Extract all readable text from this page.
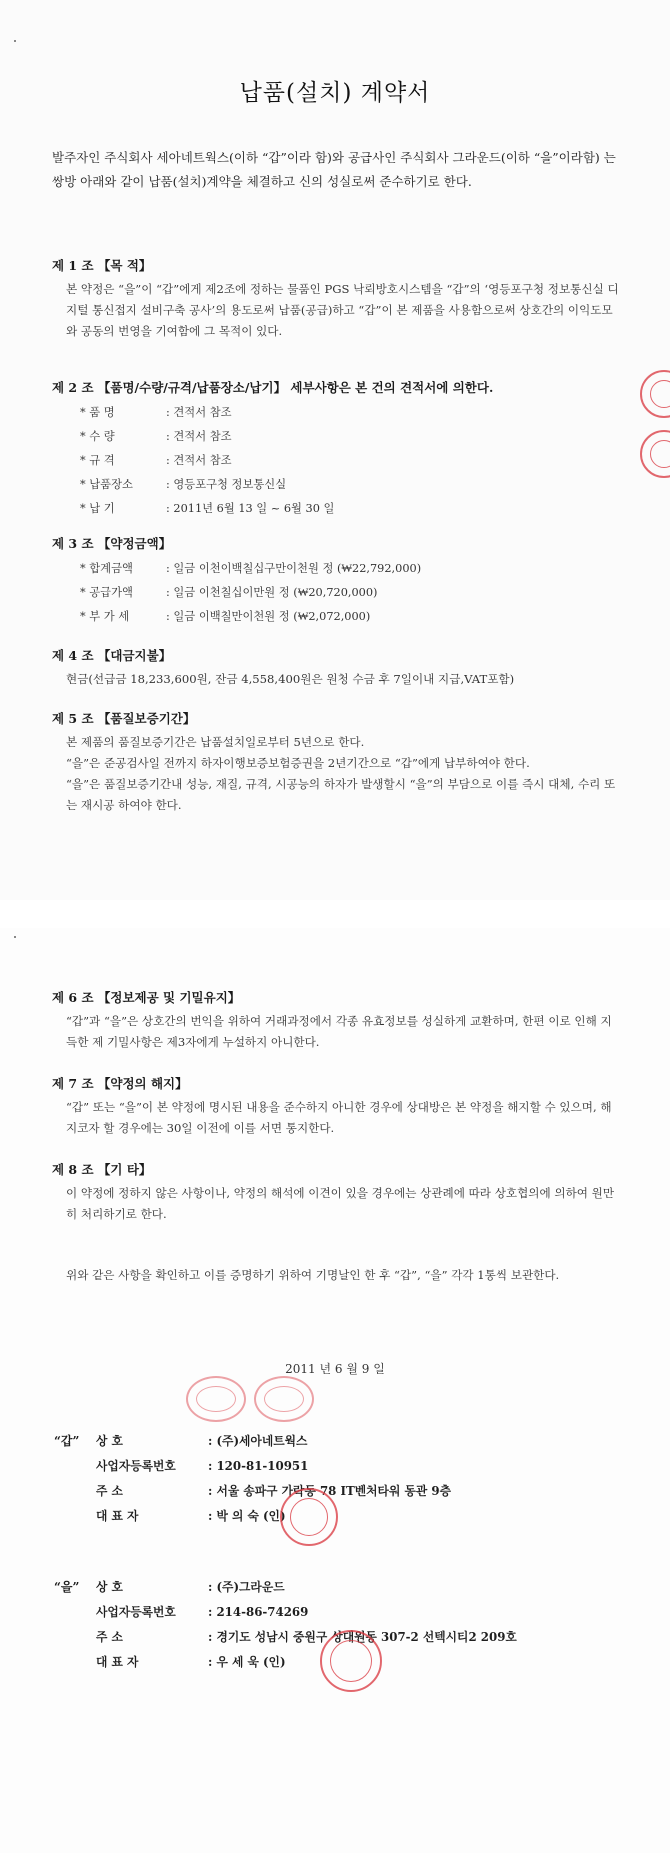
납품(설치) 계약서
발주자인 주식회사 세아네트웍스(이하 “갑”이라 함)와 공급사인 주식회사 그라운드(이하 “을”이라함) 는 쌍방 아래와 같이 납품(설치)계약을 체결하고 신의 성실로써 준수하기로 한다.
제 1 조 【목 적】
본 약정은 “을”이 “갑”에게 제2조에 정하는 물품인 PGS 낙뢰방호시스템을 “갑”의 ‘영등포구청 정보통신실 디지털 통신접지 설비구축 공사’의 용도로써 납품(공급)하고 “갑”이 본 제품을 사용함으로써 상호간의 이익도모와 공동의 번영을 기여함에 그 목적이 있다.
제 2 조 【품명/수량/규격/납품장소/납기】 세부사항은 본 건의 견적서에 의한다.
* 품 명	: 견적서 참조
* 수 량	: 견적서 참조
* 규 격	: 견적서 참조
* 납품장소	: 영등포구청 정보통신실
* 납 기	: 2011년 6월 13 일 ~ 6월 30 일
제 3 조 【약정금액】
* 합계금액	: 일금 이천이백칠십구만이천원 정 (₩22,792,000)
* 공급가액	: 일금 이천칠십이만원 정 (₩20,720,000)
* 부 가 세	: 일금 이백칠만이천원 정 (₩2,072,000)
제 4 조 【대금지불】
현금(선급금 18,233,600원, 잔금 4,558,400원은 원청 수금 후 7일이내 지급,VAT포함)
제 5 조 【품질보증기간】
본 제품의 품질보증기간은 납품설치일로부터 5년으로 한다.
“을”은 준공검사일 전까지 하자이행보증보험증권을 2년기간으로 “갑”에게 납부하여야 한다.
“을”은 품질보증기간내 성능, 재질, 규격, 시공능의 하자가 발생할시 “을”의 부담으로 이를 즉시 대체, 수리 또는 재시공 하여야 한다.
제 6 조 【정보제공 및 기밀유지】
“갑”과 “을”은 상호간의 번익을 위하여 거래과정에서 각종 유효정보를 성실하게 교환하며, 한편 이로 인해 지득한 제 기밀사항은 제3자에게 누설하지 아니한다.
제 7 조 【약정의 해지】
“갑” 또는 “을”이 본 약정에 명시된 내용을 준수하지 아니한 경우에 상대방은 본 약정을 해지할 수 있으며, 해지코자 할 경우에는 30일 이전에 이를 서면 통지한다.
제 8 조 【기 타】
이 약정에 정하지 않은 사항이나, 약정의 해석에 이견이 있을 경우에는 상관례에 따라 상호협의에 의하여 원만히 처리하기로 한다.
위와 같은 사항을 확인하고 이를 증명하기 위하여 기명날인 한 후 “갑”, “을” 각각 1통씩 보관한다.
2011 년 6 월 9 일
“갑” 상 호	: (주)세아네트웍스
사업자등록번호	: 120-81-10951
주 소	: 서울 송파구 가락동 78 IT벤처타워 동관 9층
대 표 자	: 박 의 숙 (인)
“을” 상 호	: (주)그라운드
사업자등록번호	: 214-86-74269
주 소	: 경기도 성남시 중원구 상대원동 307-2 선텍시티2 209호
대 표 자	: 우 세 욱 (인)
